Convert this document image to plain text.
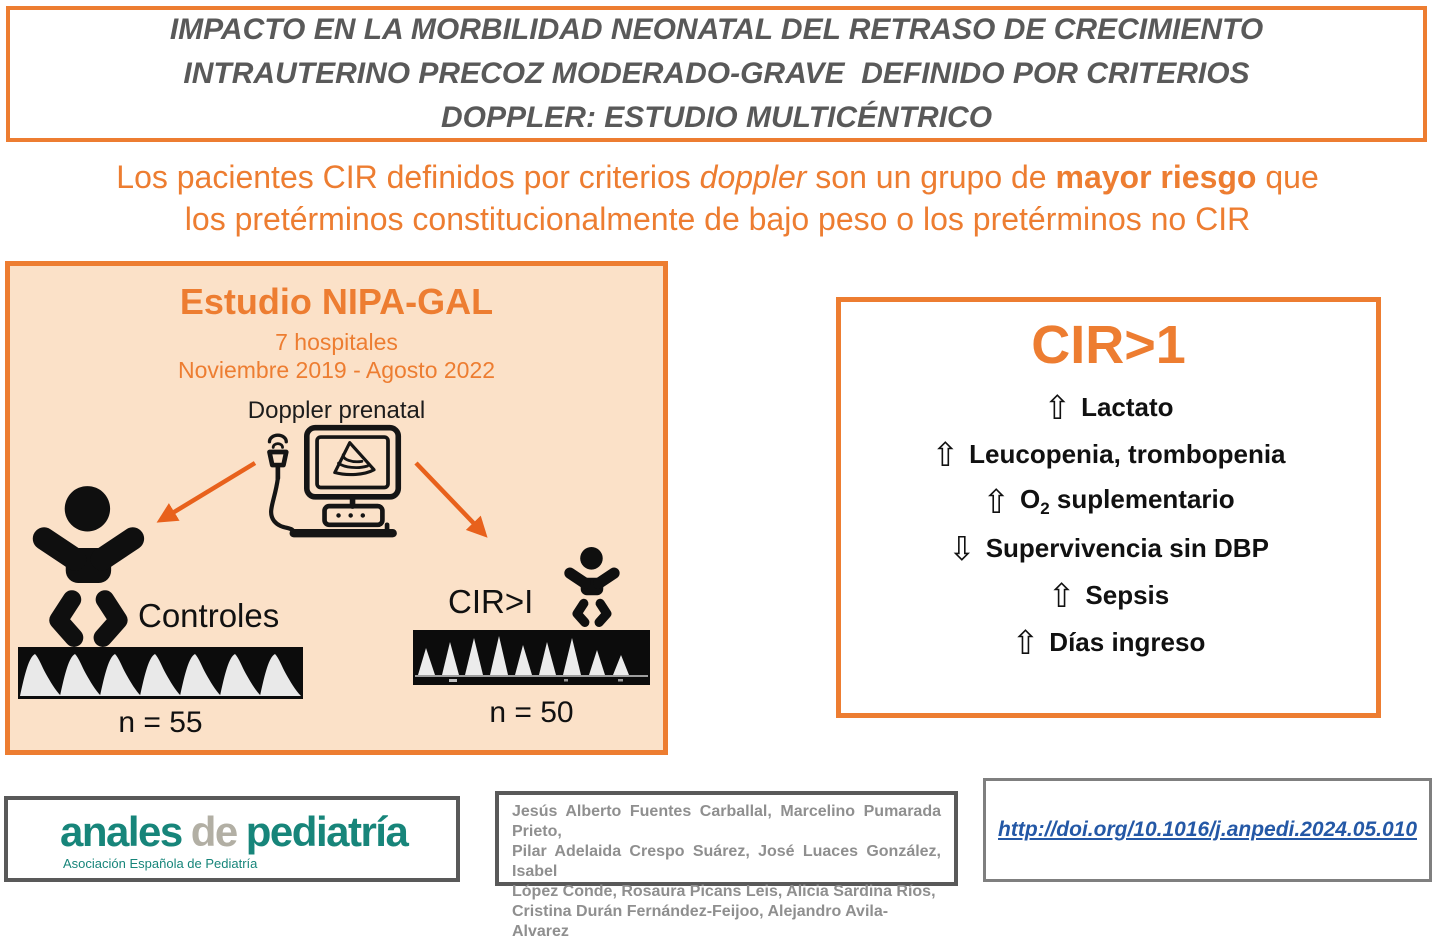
IMPACTO EN LA MORBILIDAD NEONATAL DEL RETRASO DE CRECIMIENTO
INTRAUTERINO PRECOZ MODERADO-GRAVE  DEFINIDO POR CRITERIOS
DOPPLER: ESTUDIO MULTICÉNTRICO
Los pacientes CIR definidos por criterios doppler son un grupo de mayor riesgo que
los pretérminos constitucionalmente de bajo peso o los pretérminos no CIR
Estudio NIPA-GAL
7 hospitales
Noviembre 2019 - Agosto 2022
Doppler prenatal
Controles	CIR>I
n = 55	n = 50
CIR>1
⇧ Lactato
⇧ Leucopenia, trombopenia
⇧ $O_2$ suplementario
⇩ Supervivencia sin DBP
⇧ Sepsis
⇧ Días ingreso
anales de pediatría
Asociación Española de Pediatría
Jesús Alberto Fuentes Carballal, Marcelino Pumarada Prieto,
Pilar Adelaida Crespo Suárez, José Luaces González, Isabel
López Conde, Rosaura Picans Leis, Alicia Sardina Ríos,
Cristina Durán Fernández-Feijoo, Alejandro Avila-Alvarez
http://doi.org/10.1016/j.anpedi.2024.05.010
